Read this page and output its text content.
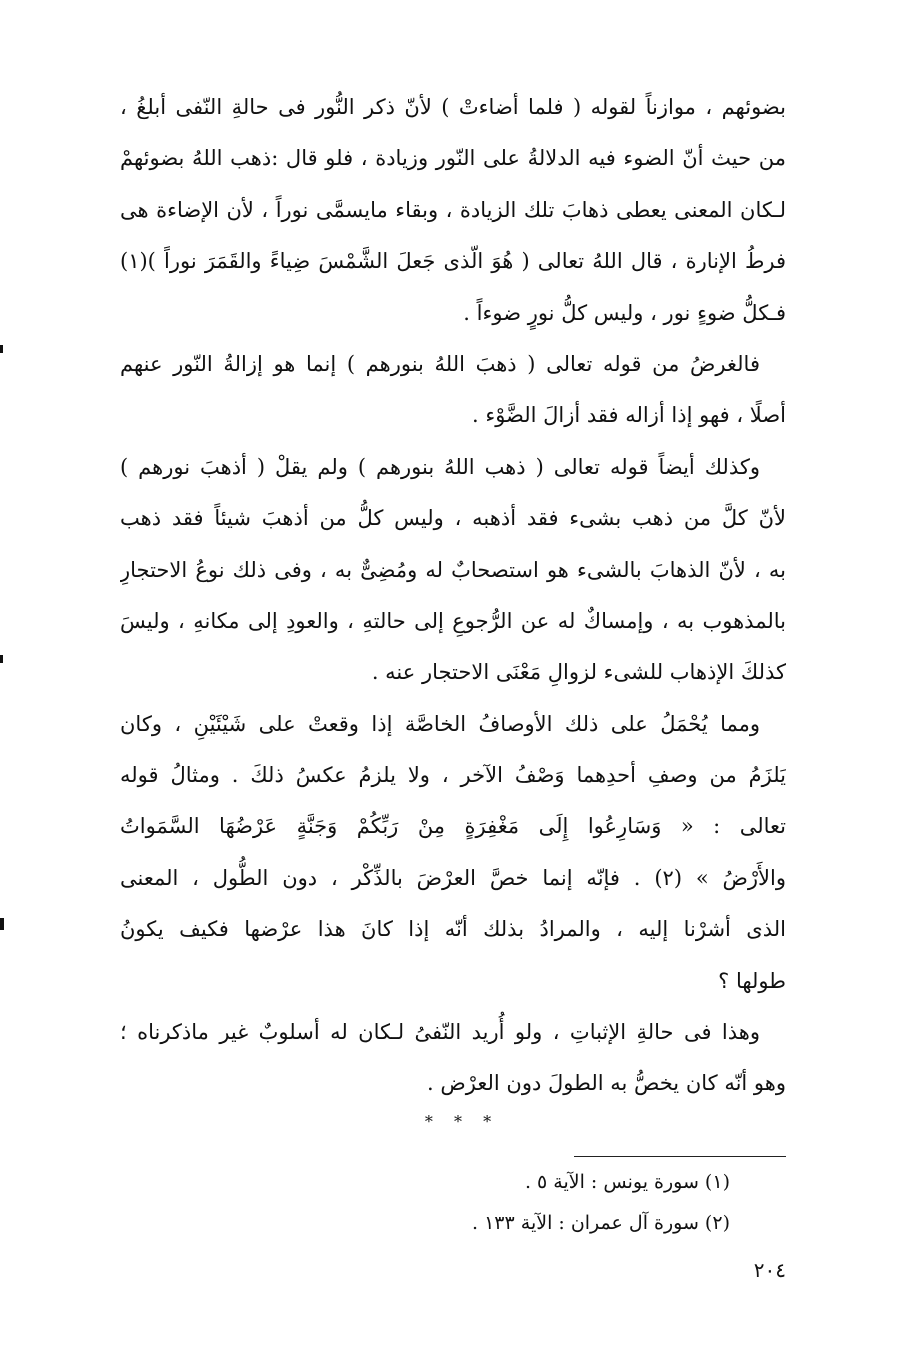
بضوئهم ، موازناً لقوله ( فلما أضاءتْ ) لأنّ ذكر النُّور فى حالةِ النّفى أبلغُ ،
من حيث أنّ الضوء فيه الدلالةُ على النّور وزيادة ، فلو قال :ذهب اللهُ بضوئهمْ
لـكان المعنى يعطى ذهابَ تلك الزيادة ، وبقاء مايسمَّى نوراً ، لأن الإضاءة هى
فرطُ الإنارة ، قال اللهُ تعالى ( هُوَ الّذى جَعلَ الشَّمْسَ ضِياءً والقَمَرَ نوراً )(١)
فـكلُّ ضوءٍ نور ، وليس كلُّ نورٍ ضوءاً .
فالغرضُ من قوله تعالى ( ذهبَ اللهُ بنورهم ) إنما هو إزالةُ النّور عنهم
أصلًا ، فهو إذا أزاله فقد أزالَ الضَّوْء .
وكذلك أيضاً قوله تعالى ( ذهب اللهُ بنورهم ) ولم يقلْ ( أذهبَ نورهم )
لأنّ كلَّ من ذهب بشىء فقد أذهبه ، وليس كلُّ من أذهبَ شيئاً فقد ذهب
به ، لأنّ الذهابَ بالشىء هو استصحابٌ له ومُضِىٌّ به ، وفى ذلك نوعُ الاحتجارِ
بالمذهوب به ، وإمساكٌ له عن الرُّجوعِ إلى حالتهِ ، والعودِ إلى مكانهِ ، وليسَ
كذلكَ الإذهاب للشىء لزوالِ مَعْنَى الاحتجار عنه .
ومما يُحْمَلُ على ذلك الأوصافُ الخاصَّة إذا وقعتْ على شَيْئَيْنِ ، وكان
يَلزَمُ من وصفِ أحدِهما وَصْفُ الآخر ، ولا يلزمُ عكسُ ذلكَ . ومثالُ قوله
تعالى : « وَسَارِعُوا إِلَى مَغْفِرَةٍ مِنْ رَبِّكُمْ وَجَنَّةٍ عَرْضُهَا السَّمَواتُ
والأَرْضُ » (٢) . فإنّه إنما خصَّ العرْضَ بالذِّكْر ، دون الطُّول ، المعنى
الذى أشرْنا إليه ، والمرادُ بذلك أنّه إذا كانَ هذا عرْضها فكيف يكونُ
طولها ؟
وهذا فى حالةِ الإثباتِ ، ولو أُريد النّفىُ لـكان له أسلوبٌ غير ماذكرناه ؛
وهو أنّه كان يخصُّ به الطولَ دون العرْض .
* * *
(١) سورة يونس : الآية ٥ .
(٢) سورة آل عمران : الآية ١٣٣ .
٢٠٤
